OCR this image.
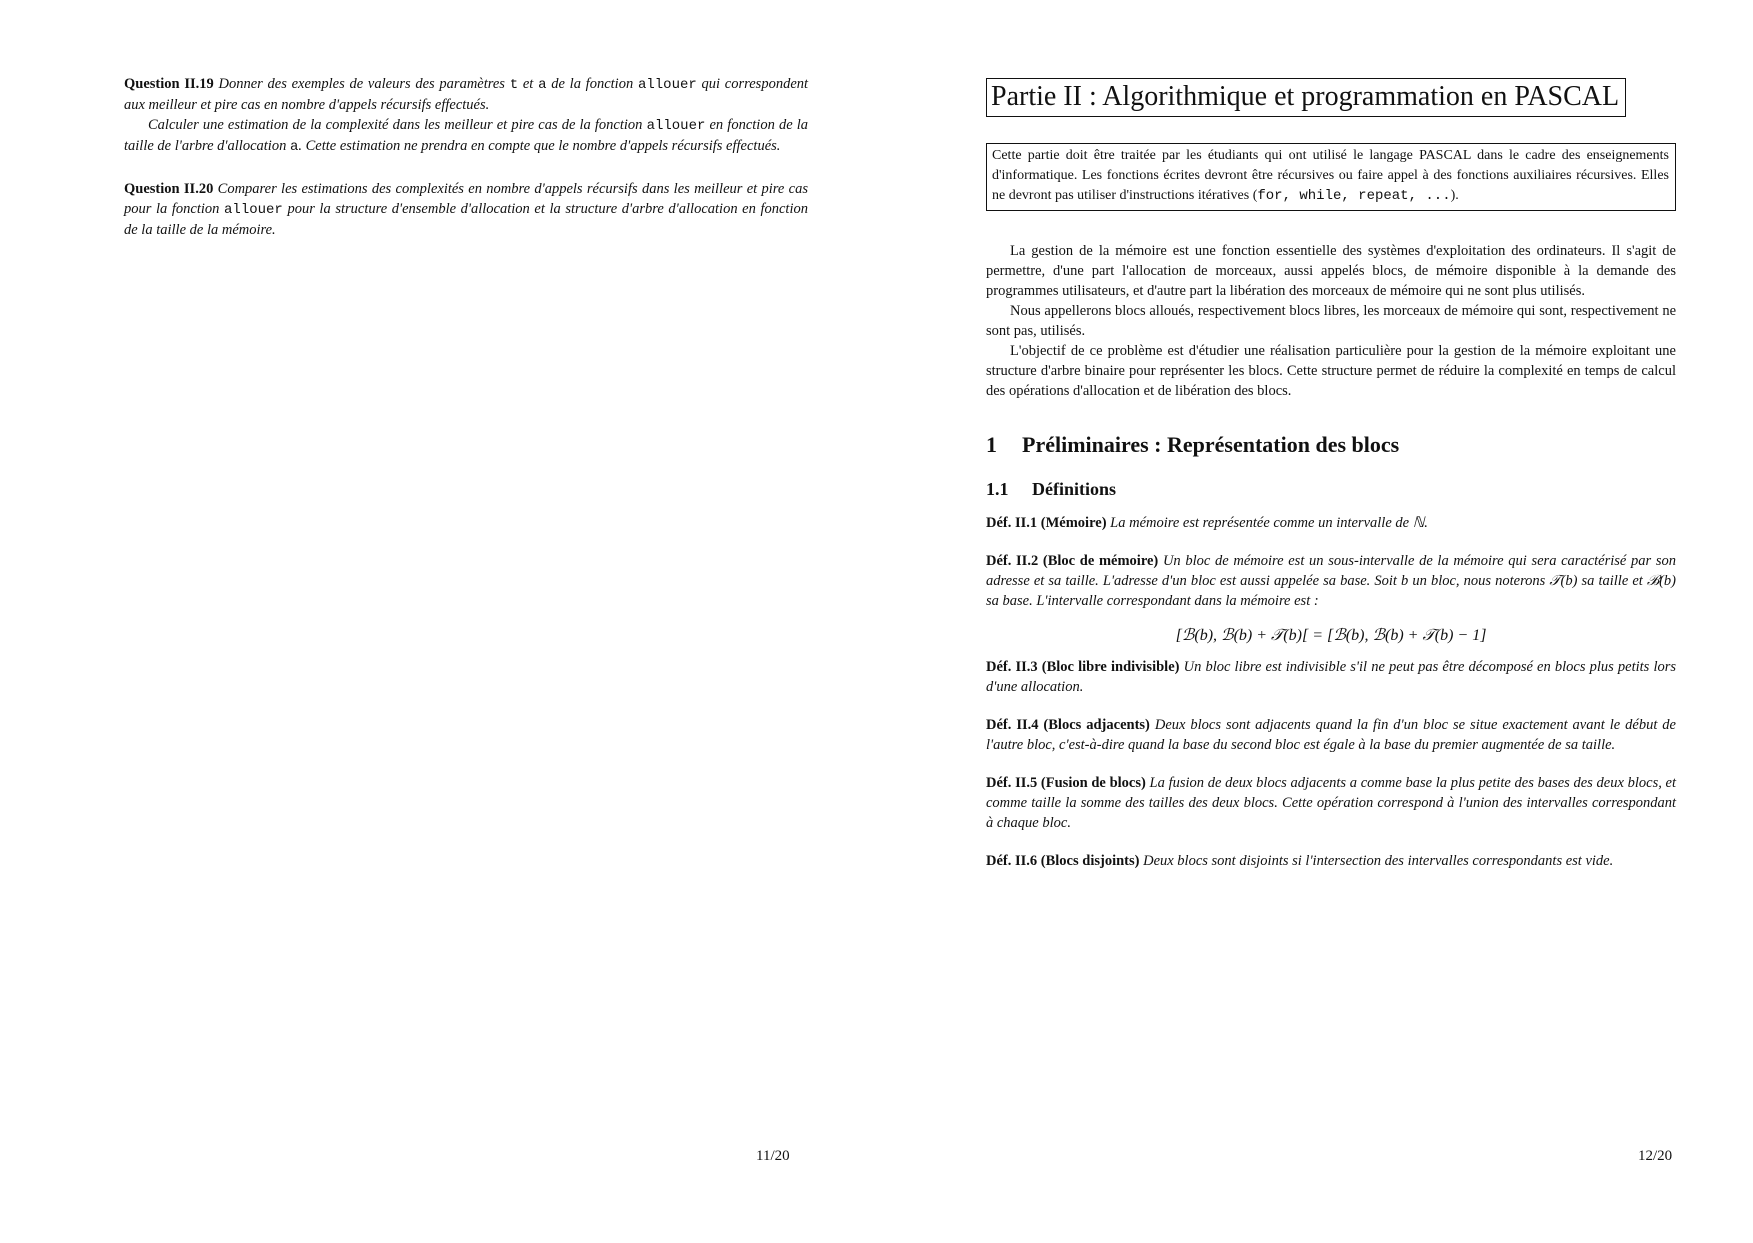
Question II.19 Donner des exemples de valeurs des paramètres t et a de la fonction allouer qui correspondent aux meilleur et pire cas en nombre d'appels récursifs effectués.

Calculer une estimation de la complexité dans les meilleur et pire cas de la fonction allouer en fonction de la taille de l'arbre d'allocation a. Cette estimation ne prendra en compte que le nombre d'appels récursifs effectués.

Question II.20 Comparer les estimations des complexités en nombre d'appels récursifs dans les meilleur et pire cas pour la fonction allouer pour la structure d'ensemble d'allocation et la structure d'arbre d'allocation en fonction de la taille de la mémoire.

11/20
Partie II : Algorithmique et programmation en PASCAL

Cette partie doit être traitée par les étudiants qui ont utilisé le langage PASCAL dans le cadre des enseignements d'informatique. Les fonctions écrites devront être récursives ou faire appel à des fonctions auxiliaires récursives. Elles ne devront pas utiliser d'instructions itératives (for, while, repeat, ...).

La gestion de la mémoire est une fonction essentielle des systèmes d'exploitation des ordinateurs. Il s'agit de permettre, d'une part l'allocation de morceaux, aussi appelés blocs, de mémoire disponible à la demande des programmes utilisateurs, et d'autre part la libération des morceaux de mémoire qui ne sont plus utilisés.

Nous appellerons blocs alloués, respectivement blocs libres, les morceaux de mémoire qui sont, respectivement ne sont pas, utilisés.

L'objectif de ce problème est d'étudier une réalisation particulière pour la gestion de la mémoire exploitant une structure d'arbre binaire pour représenter les blocs. Cette structure permet de réduire la complexité en temps de calcul des opérations d'allocation et de libération des blocs.

1 Préliminaires : Représentation des blocs
1.1 Définitions

Déf. II.1 (Mémoire) La mémoire est représentée comme un intervalle de ℕ.

Déf. II.2 (Bloc de mémoire) Un bloc de mémoire est un sous-intervalle de la mémoire qui sera caractérisé par son adresse et sa taille. L'adresse d'un bloc est aussi appelée sa base. Soit b un bloc, nous noterons 𝒯(b) sa taille et ℬ(b) sa base. L'intervalle correspondant dans la mémoire est :

[ℬ(b), ℬ(b) + 𝒯(b)[ = [ℬ(b), ℬ(b) + 𝒯(b) − 1]

Déf. II.3 (Bloc libre indivisible) Un bloc libre est indivisible s'il ne peut pas être décomposé en blocs plus petits lors d'une allocation.

Déf. II.4 (Blocs adjacents) Deux blocs sont adjacents quand la fin d'un bloc se situe exactement avant le début de l'autre bloc, c'est-à-dire quand la base du second bloc est égale à la base du premier augmentée de sa taille.

Déf. II.5 (Fusion de blocs) La fusion de deux blocs adjacents a comme base la plus petite des bases des deux blocs, et comme taille la somme des tailles des deux blocs. Cette opération correspond à l'union des intervalles correspondant à chaque bloc.

Déf. II.6 (Blocs disjoints) Deux blocs sont disjoints si l'intersection des intervalles correspondants est vide.

12/20
